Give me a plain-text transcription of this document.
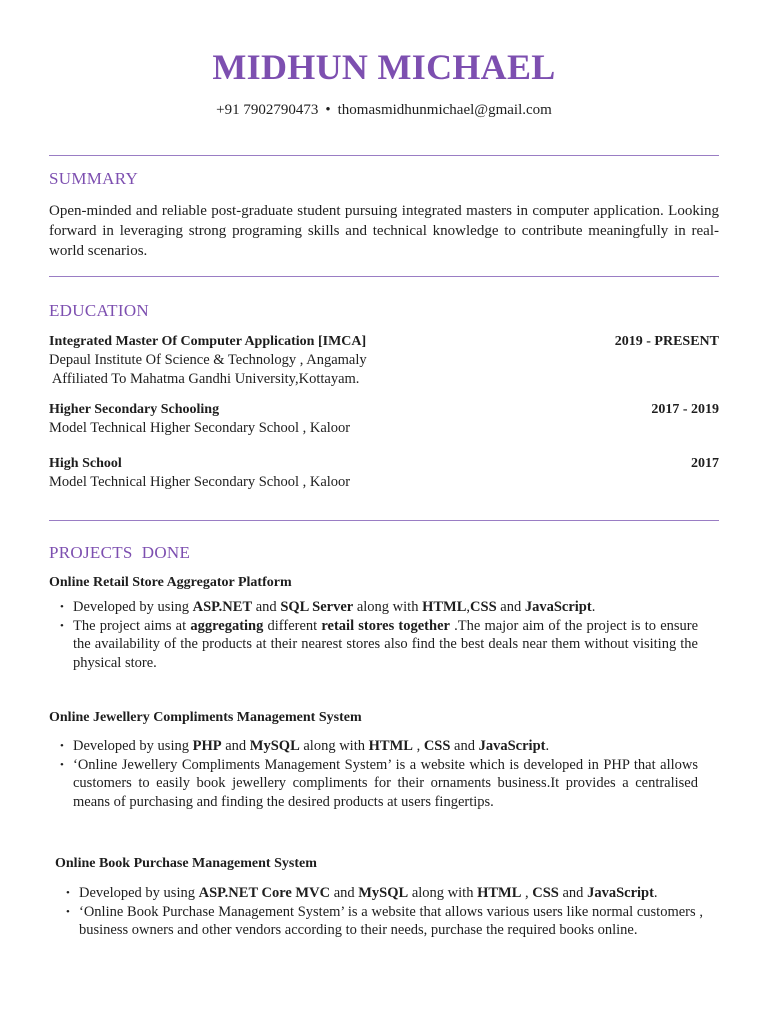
MIDHUN MICHAEL
+91 7902790473 • thomasmidhunmichael@gmail.com
SUMMARY

Open-minded and reliable post-graduate student pursuing integrated masters in computer application. Looking forward in leveraging strong programing skills and technical knowledge to contribute meaningfully in real-world scenarios.

EDUCATION
Integrated Master Of Computer Application [IMCA]	2019 - PRESENT
Depaul Institute Of Science & Technology , Angamaly
Affiliated To Mahatma Gandhi University,Kottayam.
Higher Secondary Schooling	2017 - 2019
Model Technical Higher Secondary School , Kaloor
High School	2017
Model Technical Higher Secondary School , Kaloor
PROJECTS  DONE
Online Retail Store Aggregator Platform
• Developed by using ASP.NET and SQL Server along with HTML,CSS and JavaScript.
• The project aims at aggregating different retail stores together .The major aim of the project is to ensure the availability of the products at their nearest stores also find the best deals near them without visiting the physical store.
Online Jewellery Compliments Management System
• Developed by using PHP and MySQL along with HTML , CSS and JavaScript.
• ‘Online Jewellery Compliments Management System’ is a website which is developed in PHP that allows customers to easily book jewellery compliments for their ornaments business.It provides a centralised means of purchasing and finding the desired products at users fingertips.
Online Book Purchase Management System
• Developed by using ASP.NET Core MVC and MySQL along with HTML , CSS and JavaScript.
• ‘Online Book Purchase Management System’ is a website that allows various users like normal customers , business owners and other vendors according to their needs, purchase the required books online.
